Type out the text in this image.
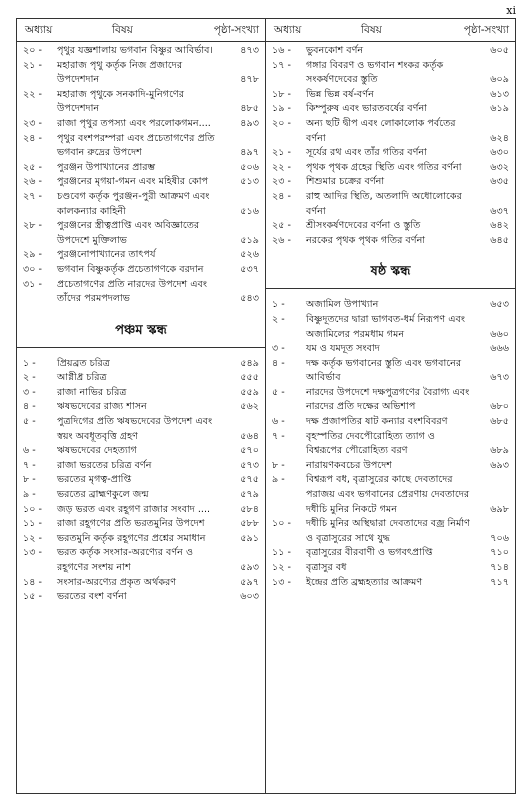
xi
অধ্যায়	বিষয়	পৃষ্ঠা-সংখ্যা
২০ -	পৃথুর যজ্ঞশালায় ভগবান বিষ্ণুর আবির্ভাব।	৪৭৩
২১ -	মহারাজ পৃথু কর্তৃক নিজ প্রজাদের উপদেশদান	৪৭৮
২২ -	মহারাজ পৃথুকে সনকাদি-মুনিগণের উপদেশদান	৪৮৫
২৩ -	রাজা পৃথুর তপস্যা এবং পরলোকগমন....	৪৯৩
২৪ -	পৃথুর বংশপরম্পরা এবং প্রচেতাগণের প্রতি ভগবান রুদ্রের উপদেশ	৪৯৭
২৫ -	পুরঞ্জন উপাখ্যানের প্রারম্ভ	৫০৬
২৬ -	পুরঞ্জনের মৃগয়া-গমন এবং মহিষীর কোপ	৫১৩
২৭ -	চণ্ডবেগ কর্তৃক পুরঞ্জন-পুরী আক্রমণ এবং কালকন্যার কাহিনী	৫১৬
২৮ -	পুরঞ্জনের স্ত্রীত্বপ্রাপ্তি এবং অবিজ্ঞাতের উপদেশে মুক্তিলাভ	৫১৯
২৯ -	পুরঞ্জনোপাখ্যানের তাৎপর্য	৫২৬
৩০ -	ভগবান বিষ্ণুকর্তৃক প্রচেতাগণকে বরদান	৫৩৭
৩১ -	প্রচেতাগণের প্রতি নারদের উপদেশ এবং তাঁদের পরমপদলাভ	৫৪৩
পঞ্চম স্কন্ধ
১ -	প্রিয়ব্রত চরিত্র	৫৪৯
২ -	আগ্নীধ্র চরিত্র	৫৫৫
৩ -	রাজা নাভির চরিত্র	৫৫৯
৪ -	ঋষভদেবের রাজ্য শাসন	৫৬২
৫ -	পুত্রদিগের প্রতি ঋষভদেবের উপদেশ এবং স্বয়ং অবধূতবৃত্তি গ্রহণ	৫৬৪
৬ -	ঋষভদেবের দেহত্যাগ	৫৭০
৭ -	রাজা ভরতের চরিত্র বর্ণন	৫৭৩
৮ -	ভরতের মৃগত্ব-প্রাপ্তি	৫৭৫
৯ -	ভরতের ব্রাহ্মণকুলে জন্ম	৫৭৯
১০ -	জড় ভরত এবং রহূগণ রাজার সংবাদ ....	৫৮৪
১১ -	রাজা রহূগণের প্রতি ভরতমুনির উপদেশ	৫৮৮
১২ -	ভরতমুনি কর্তৃক রহূগণের প্রশ্নের সমাধান	৫৯১
১৩ -	ভরত কর্তৃক সংসার-অরণ্যের বর্ণন ও রহূগণের সংশয় নাশ	৫৯৩
১৪ -	সংসার-অরণ্যের প্রকৃত অর্থকরণ	৫৯৭
১৫ -	ভরতের বংশ বর্ণনা	৬০৩
অধ্যায়	বিষয়	পৃষ্ঠা-সংখ্যা
১৬ -	ভুবনকোশ বর্ণন	৬০৫
১৭ -	গঙ্গার বিবরণ ও ভগবান শংকর কর্তৃক সংকর্ষণদেবের স্তুতি	৬০৯
১৮ -	ভিন্ন ভিন্ন বর্ষ-বর্ণন	৬১৩
১৯ -	কিম্পুরুষ এবং ভারতবর্ষের বর্ণনা	৬১৯
২০ -	অন্য ছটি দ্বীপ এবং লোকালোক পর্বতের বর্ণনা	৬২৪
২১ -	সূর্যের রথ এবং তাঁর গতির বর্ণনা	৬৩০
২২ -	পৃথক পৃথক গ্রহের স্থিতি এবং গতির বর্ণনা	৬৩২
২৩ -	শিশুমার চক্রের বর্ণনা	৬৩৫
২৪ -	রাহু আদির স্থিতি, অতলাদি অধোলোকের বর্ণনা	৬৩৭
২৫ -	শ্রীসংকর্ষণদেবের বর্ণনা ও স্তুতি	৬৪২
২৬ -	নরকের পৃথক পৃথক গতির বর্ণনা	৬৪৫
ষষ্ঠ স্কন্ধ
১ -	অজামিল উপাখ্যান	৬৫৩
২ -	বিষ্ণুদূতদের দ্বারা ভাগবত-ধর্ম নিরূপণ এবং অজামিলের পরমধাম গমন	৬৬০
৩ -	যম ও যমদূত সংবাদ	৬৬৬
৪ -	দক্ষ কর্তৃক ভগবানের স্তুতি এবং ভগবানের আবির্ভাব	৬৭৩
৫ -	নারদের উপদেশে দক্ষপুত্রগণের বৈরাগ্য এবং নারদের প্রতি দক্ষের অভিশাপ	৬৮০
৬ -	দক্ষ প্রজাপতির ষাট কন্যার বংশবিবরণ	৬৮৫
৭ -	বৃহস্পতির দেবপৌরোহিত্য ত্যাগ ও বিশ্বরূপের পৌরোহিত্য বরণ	৬৮৯
৮ -	নারায়ণকবচের উপদেশ	৬৯৩
৯ -	বিশ্বরূপ বধ, বৃত্রাসুরের কাছে দেবতাদের পরাজয় এবং ভগবানের প্রেরণায় দেবতাদের দধীচি মুনির নিকটে গমন	৬৯৮
১০ -	দধীচি মুনির অস্থিদ্বারা দেবতাদের বজ্র নির্মাণ ও বৃত্রাসুরের সাথে যুদ্ধ	৭০৬
১১ -	বৃত্রাসুরের বীরবাণী ও ভগবৎপ্রাপ্তি	৭১০
১২ -	বৃত্রাসুর বধ	৭১৪
১৩ -	ইন্দ্রের প্রতি ব্রহ্মহত্যার আক্রমণ	৭১৭
